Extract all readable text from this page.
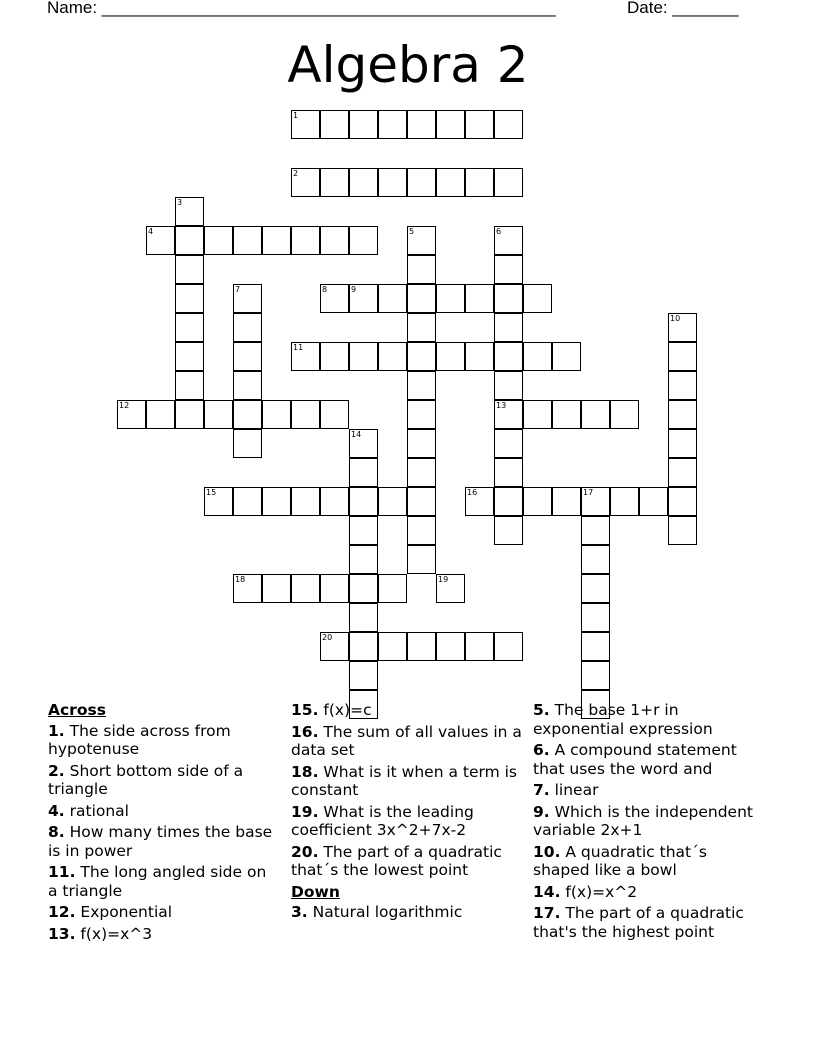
Name: ________________________________________________	Date: _______
Algebra 2
1
2
3
4	5	6
7	8	9
10
11
12	13
14
15	16	17
18	19
20
Across
1. The side across from hypotenuse
2. Short bottom side of a triangle
4. rational
8. How many times the base is in power
11. The long angled side on a triangle
12. Exponential
13. f(x)=x^3
15. f(x)=c
16. The sum of all values in a data set
18. What is it when a term is constant
19. What is the leading coefficient 3x^2+7x-2
20. The part of a quadratic that´s the lowest point
Down
3. Natural logarithmic
5. The base 1+r in exponential expression
6. A compound statement that uses the word and
7. linear
9. Which is the independent variable 2x+1
10. A quadratic that´s shaped like a bowl
14. f(x)=x^2
17. The part of a quadratic that's the highest point
